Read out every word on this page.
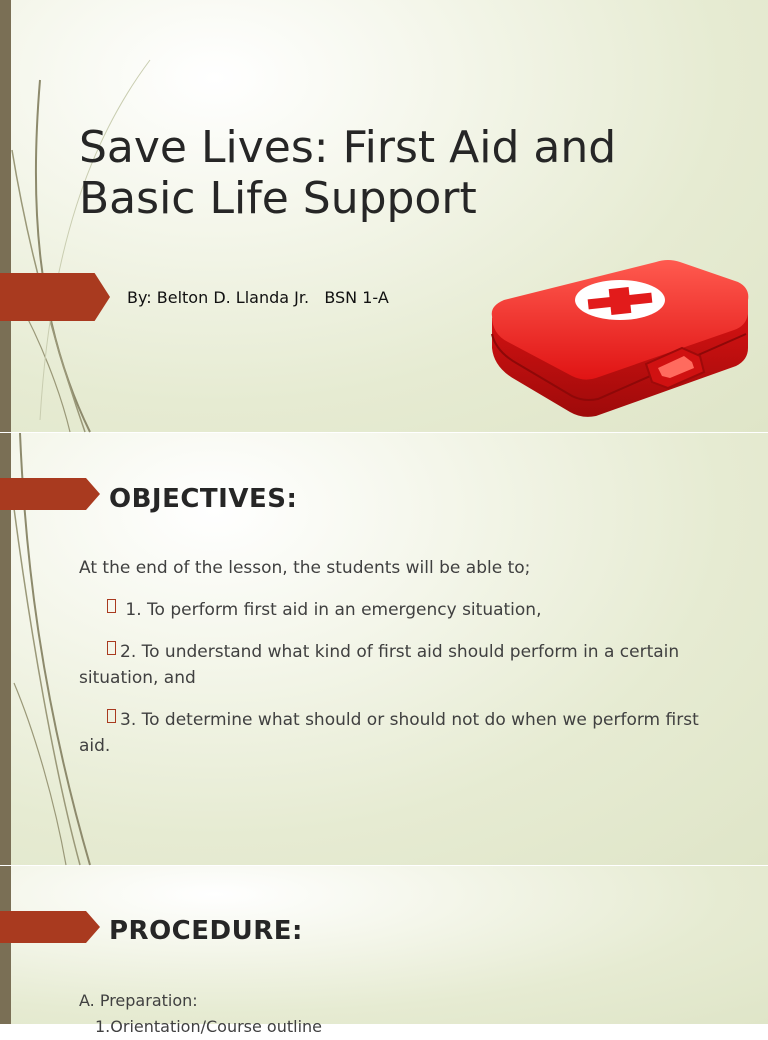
Save Lives: First Aid and Basic Life Support
By: Belton D. Llanda Jr.   BSN 1-A
OBJECTIVES:

At the end of the lesson, the students will be able to;

1. To perform first aid in an emergency situation,

2. To understand what kind of first aid should perform in a certain situation, and

3. To determine what should or should not do when we perform first aid.

PROCEDURE:
A. Preparation:
1.Orientation/Course outline
